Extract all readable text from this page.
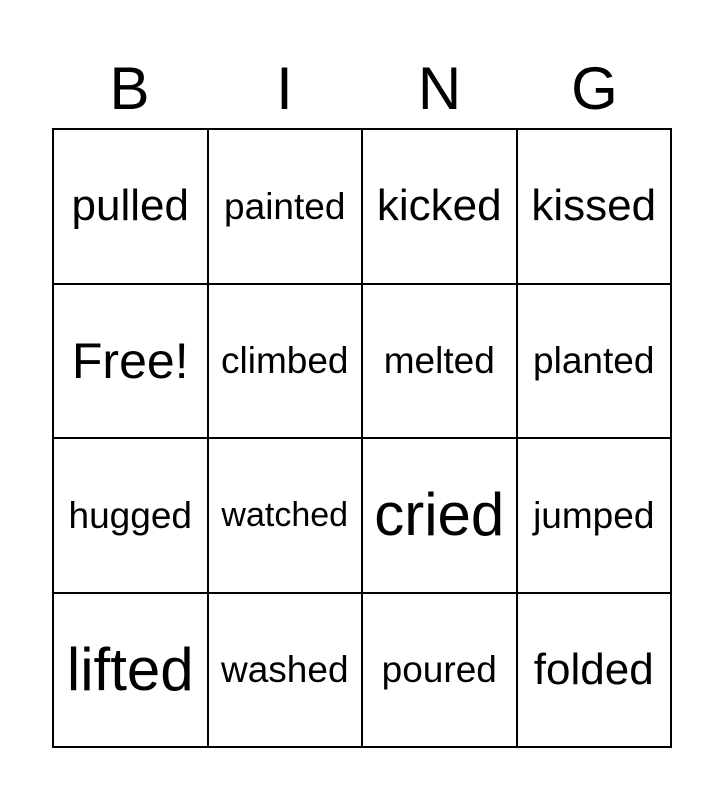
B	I	N	G
pulled painted kicked kissed
Free! climbed melted	planted
hugged watched cried jumped
lifted washed poured folded
